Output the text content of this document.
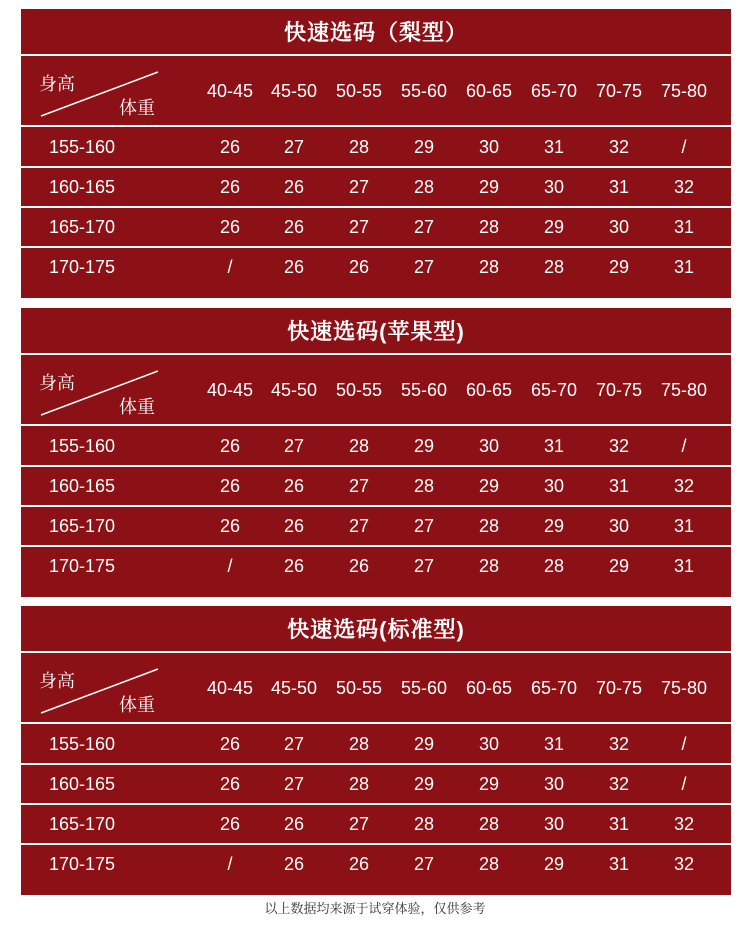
快速选码（梨型）
身高
体重
40-45 45-50	50-55	55-60	60-65	65-70	70-75	75-80
155-160	26	27	28	29	30	31	32	/
160-165	26	26	27	28	29	30	31	32
165-170	26	26	27	27	28	29	30	31
170-175	/	26	26	27	28	28	29	31
快速选码(苹果型)
身高
体重
40-45 45-50	50-55	55-60	60-65	65-70	70-75	75-80
155-160	26	27	28	29	30	31	32	/
160-165	26	26	27	28	29	30	31	32
165-170	26	26	27	27	28	29	30	31
170-175	/	26	26	27	28	28	29	31
快速选码(标准型)
身高
体重
40-45 45-50	50-55	55-60	60-65	65-70	70-75	75-80
155-160	26	27	28	29	30	31	32	/
160-165	26	27	28	29	29	30	32	/
165-170	26	26	27	28	28	30	31	32
170-175	/	26	26	27	28	29	31	32
以上数据均来源于试穿体验，仅供参考
